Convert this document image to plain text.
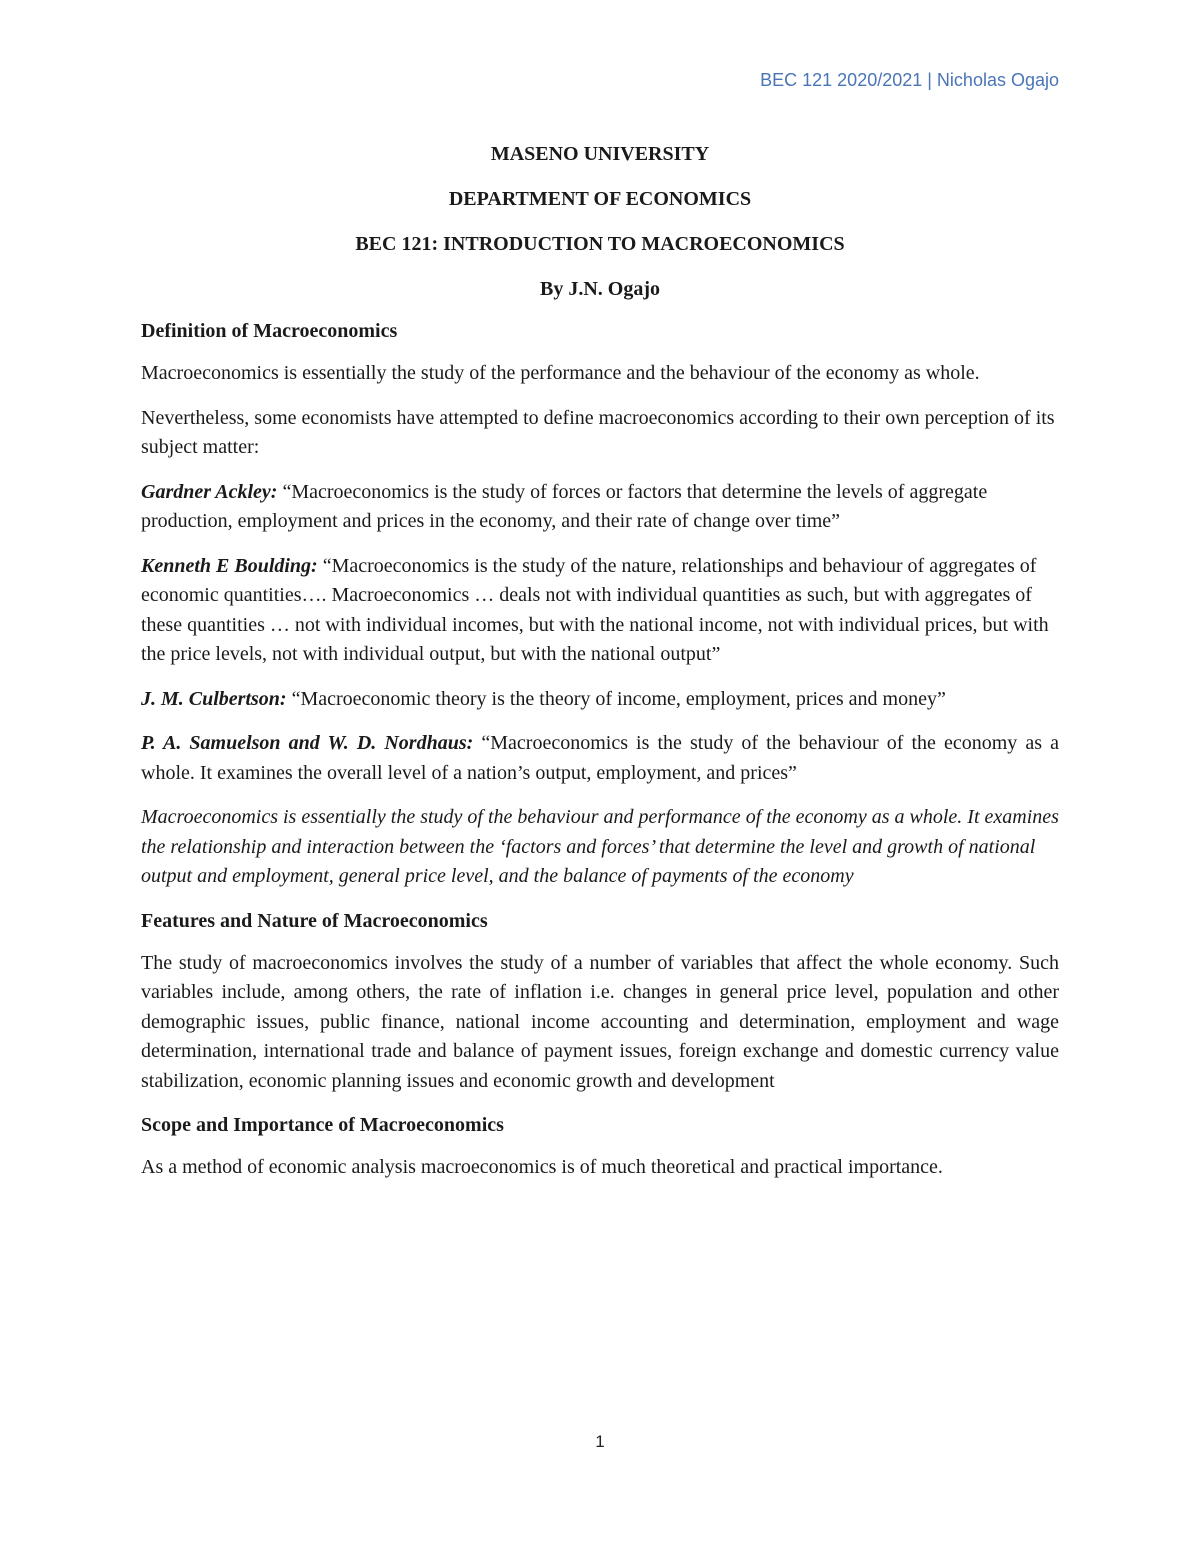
BEC 121 2020/2021 | Nicholas Ogajo
MASENO UNIVERSITY
DEPARTMENT OF ECONOMICS
BEC 121: INTRODUCTION TO MACROECONOMICS
By J.N. Ogajo
Definition of Macroeconomics

Macroeconomics is essentially the study of the performance and the behaviour of the economy as whole.

Nevertheless, some economists have attempted to define macroeconomics according to their own perception of its subject matter:

Gardner Ackley: “Macroeconomics is the study of forces or factors that determine the levels of aggregate production, employment and prices in the economy, and their rate of change over time”

Kenneth E Boulding: “Macroeconomics is the study of the nature, relationships and behaviour of aggregates of economic quantities…. Macroeconomics … deals not with individual quantities as such, but with aggregates of these quantities … not with individual incomes, but with the national income, not with individual prices, but with the price levels, not with individual output, but with the national output”

J. M. Culbertson: “Macroeconomic theory is the theory of income, employment, prices and money”

P. A. Samuelson and W. D. Nordhaus: “Macroeconomics is the study of the behaviour of the economy as a whole. It examines the overall level of a nation’s output, employment, and prices”

Macroeconomics is essentially the study of the behaviour and performance of the economy as a whole. It examines the relationship and interaction between the ‘factors and forces’ that determine the level and growth of national output and employment, general price level, and the balance of payments of the economy

Features and Nature of Macroeconomics

The study of macroeconomics involves the study of a number of variables that affect the whole economy. Such variables include, among others, the rate of inflation i.e. changes in general price level, population and other demographic issues, public finance, national income accounting and determination, employment and wage determination, international trade and balance of payment issues, foreign exchange and domestic currency value stabilization, economic planning issues and economic growth and development

Scope and Importance of Macroeconomics

As a method of economic analysis macroeconomics is of much theoretical and practical importance.

1
